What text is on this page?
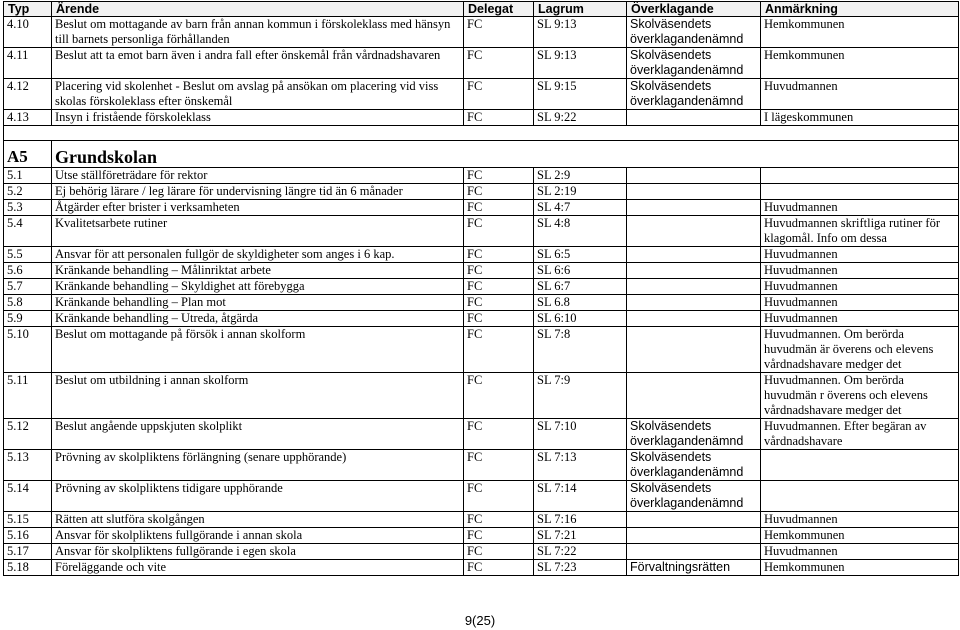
Typ	Ärende	Delegat	Lagrum	Överklagande	Anmärkning
4.10	Beslut om mottagande av barn från annan kommun i förskoleklass med hänsyn till barnets personliga förhållanden	FC	SL 9:13	Skolväsendets överklagandenämnd	Hemkommunen
4.11	Beslut att ta emot barn även i andra fall efter önskemål från vårdnadshavaren	FC	SL 9:13	Skolväsendets överklagandenämnd	Hemkommunen
4.12	Placering vid skolenhet - Beslut om avslag på ansökan om placering vid viss skolas förskoleklass efter önskemål	FC	SL 9:15	Skolväsendets överklagandenämnd	Huvudmannen
4.13	Insyn i fristående förskoleklass	FC	SL 9:22		I lägeskommunen

A5	Grundskolan				
5.1	Utse ställföreträdare för rektor	FC	SL 2:9		
5.2	Ej behörig lärare / leg lärare för undervisning längre tid än 6 månader	FC	SL 2:19		
5.3	Åtgärder efter brister i verksamheten	FC	SL 4:7		Huvudmannen
5.4	Kvalitetsarbete rutiner	FC	SL 4:8		Huvudmannen skriftliga rutiner för klagomål. Info om dessa
5.5	Ansvar för att personalen fullgör de skyldigheter som anges i 6 kap.	FC	SL 6:5		Huvudmannen
5.6	Kränkande behandling – Målinriktat arbete	FC	SL 6:6		Huvudmannen
5.7	Kränkande behandling – Skyldighet att förebygga	FC	SL 6:7		Huvudmannen
5.8	Kränkande behandling – Plan mot	FC	SL 6.8		Huvudmannen
5.9	Kränkande behandling – Utreda, åtgärda	FC	SL 6:10		Huvudmannen
5.10	Beslut om mottagande på försök i annan skolform	FC	SL 7:8		Huvudmannen. Om berörda huvudmän är överens och elevens vårdnadshavare medger det
5.11	Beslut om utbildning i annan skolform	FC	SL 7:9		Huvudmannen. Om berörda huvudmän r överens och elevens vårdnadshavare medger det
5.12	Beslut angående uppskjuten skolplikt	FC	SL 7:10	Skolväsendets överklagandenämnd	Huvudmannen. Efter begäran av vårdnadshavare
5.13	Prövning av skolpliktens förlängning (senare upphörande)	FC	SL 7:13	Skolväsendets överklagandenämnd	
5.14	Prövning av skolpliktens tidigare upphörande	FC	SL 7:14	Skolväsendets överklagandenämnd	
5.15	Rätten att slutföra skolgången	FC	SL 7:16		Huvudmannen
5.16	Ansvar för skolpliktens fullgörande i annan skola	FC	SL 7:21		Hemkommunen
5.17	Ansvar för skolpliktens fullgörande i egen skola	FC	SL 7:22		Huvudmannen
5.18	Föreläggande och vite	FC	SL 7:23	Förvaltningsrätten	Hemkommunen
9(25)
